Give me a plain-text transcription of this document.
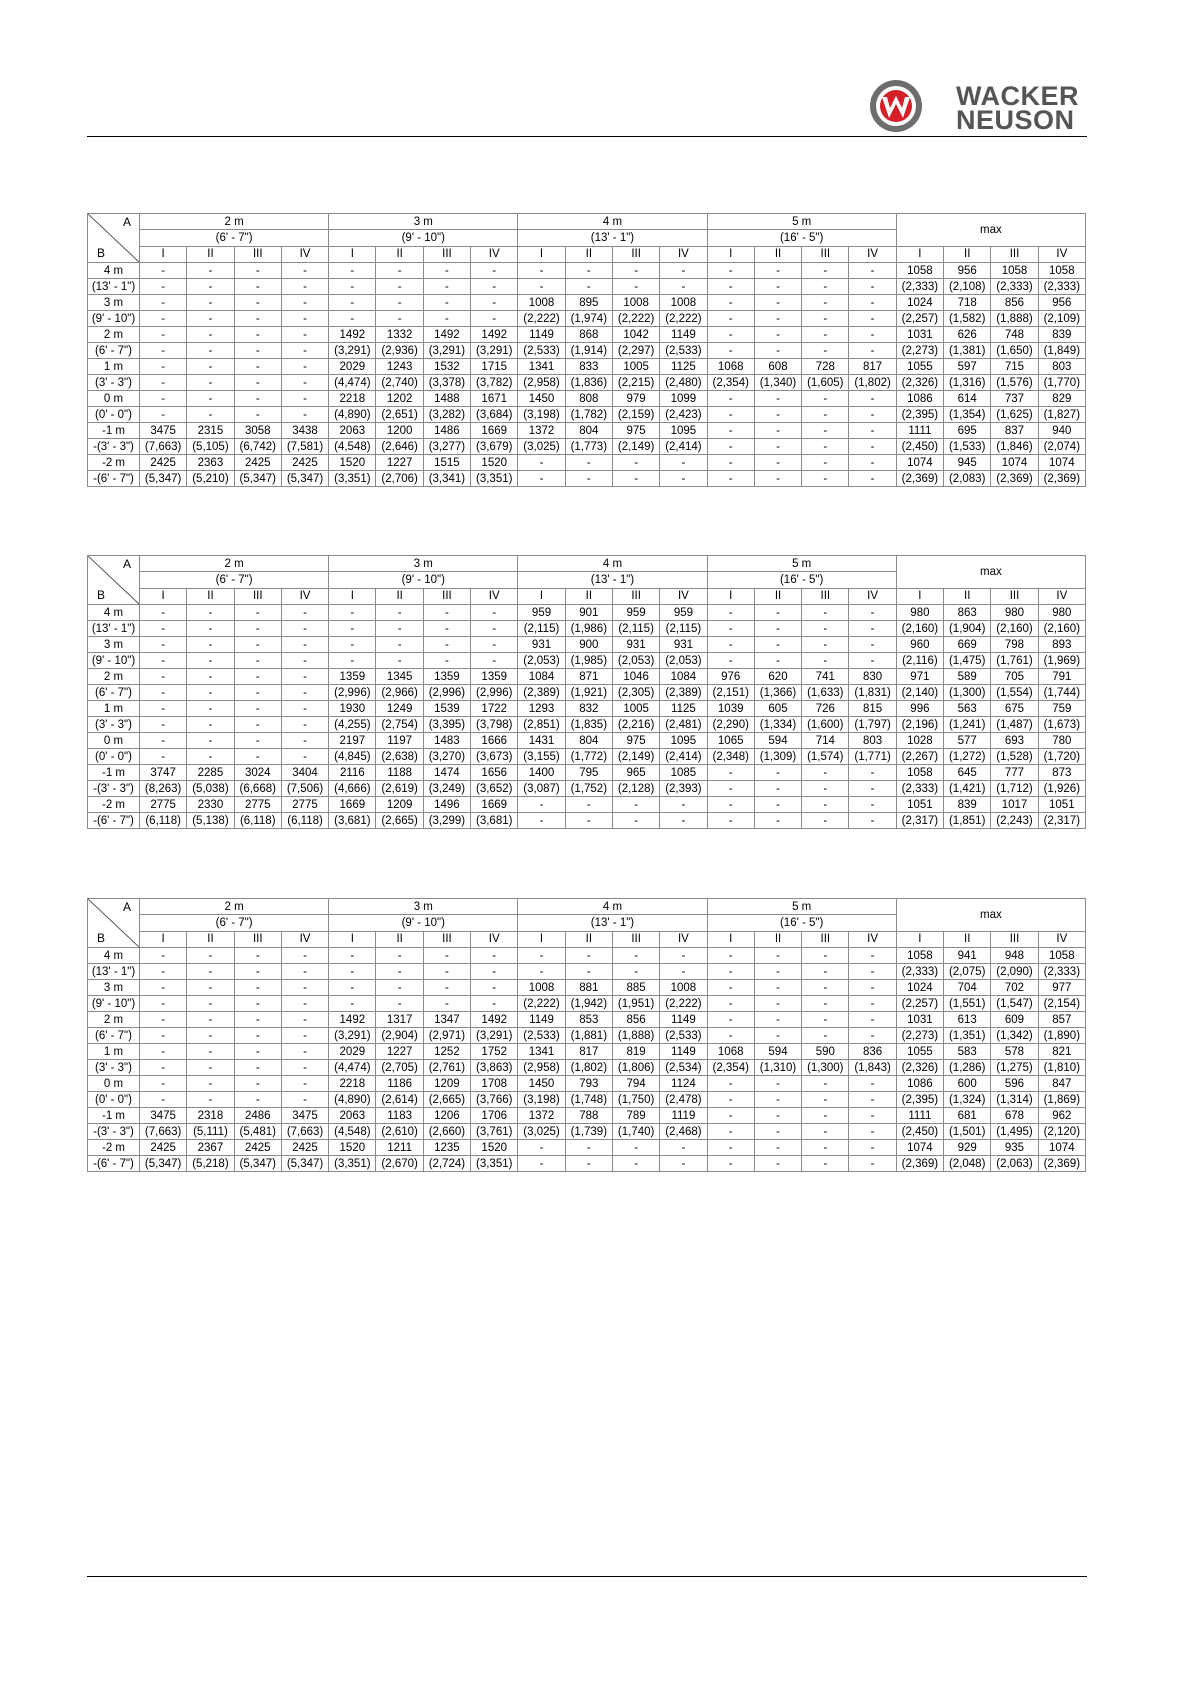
WACKER
NEUSON
A
B	2 m				3 m				4 m				5 m				max			
	(6' - 7")				(9' - 10")				(13' - 1")				(16' - 5")							
	I	II	III	IV	I	II	III	IV	I	II	III	IV	I	II	III	IV	I	II	III	IV
4 m	-	-	-	-	-	-	-	-	-	-	-	-	-	-	-	-	1058	956	1058	1058
(13' - 1")	-	-	-	-	-	-	-	-	-	-	-	-	-	-	-	-	(2,333)	(2,108)	(2,333)	(2,333)
3 m	-	-	-	-	-	-	-	-	1008	895	1008	1008	-	-	-	-	1024	718	856	956
(9' - 10")	-	-	-	-	-	-	-	-	(2,222)	(1,974)	(2,222)	(2,222)	-	-	-	-	(2,257)	(1,582)	(1,888)	(2,109)
2 m	-	-	-	-	1492	1332	1492	1492	1149	868	1042	1149	-	-	-	-	1031	626	748	839
(6' - 7")	-	-	-	-	(3,291)	(2,936)	(3,291)	(3,291)	(2,533)	(1,914)	(2,297)	(2,533)	-	-	-	-	(2,273)	(1,381)	(1,650)	(1,849)
1 m	-	-	-	-	2029	1243	1532	1715	1341	833	1005	1125	1068	608	728	817	1055	597	715	803
(3' - 3")	-	-	-	-	(4,474)	(2,740)	(3,378)	(3,782)	(2,958)	(1,836)	(2,215)	(2,480)	(2,354)	(1,340)	(1,605)	(1,802)	(2,326)	(1,316)	(1,576)	(1,770)
0 m	-	-	-	-	2218	1202	1488	1671	1450	808	979	1099	-	-	-	-	1086	614	737	829
(0' - 0")	-	-	-	-	(4,890)	(2,651)	(3,282)	(3,684)	(3,198)	(1,782)	(2,159)	(2,423)	-	-	-	-	(2,395)	(1,354)	(1,625)	(1,827)
-1 m	3475	2315	3058	3438	2063	1200	1486	1669	1372	804	975	1095	-	-	-	-	1111	695	837	940
-(3' - 3")	(7,663)	(5,105)	(6,742)	(7,581)	(4,548)	(2,646)	(3,277)	(3,679)	(3,025)	(1,773)	(2,149)	(2,414)	-	-	-	-	(2,450)	(1,533)	(1,846)	(2,074)
-2 m	2425	2363	2425	2425	1520	1227	1515	1520	-	-	-	-	-	-	-	-	1074	945	1074	1074
-(6' - 7")	(5,347)	(5,210)	(5,347)	(5,347)	(3,351)	(2,706)	(3,341)	(3,351)	-	-	-	-	-	-	-	-	(2,369)	(2,083)	(2,369)	(2,369)
A
B	2 m				3 m				4 m				5 m				max			
	(6' - 7")				(9' - 10")				(13' - 1")				(16' - 5")							
	I	II	III	IV	I	II	III	IV	I	II	III	IV	I	II	III	IV	I	II	III	IV
4 m	-	-	-	-	-	-	-	-	959	901	959	959	-	-	-	-	980	863	980	980
(13' - 1")	-	-	-	-	-	-	-	-	(2,115)	(1,986)	(2,115)	(2,115)	-	-	-	-	(2,160)	(1,904)	(2,160)	(2,160)
3 m	-	-	-	-	-	-	-	-	931	900	931	931	-	-	-	-	960	669	798	893
(9' - 10")	-	-	-	-	-	-	-	-	(2,053)	(1,985)	(2,053)	(2,053)	-	-	-	-	(2,116)	(1,475)	(1,761)	(1,969)
2 m	-	-	-	-	1359	1345	1359	1359	1084	871	1046	1084	976	620	741	830	971	589	705	791
(6' - 7")	-	-	-	-	(2,996)	(2,966)	(2,996)	(2,996)	(2,389)	(1,921)	(2,305)	(2,389)	(2,151)	(1,366)	(1,633)	(1,831)	(2,140)	(1,300)	(1,554)	(1,744)
1 m	-	-	-	-	1930	1249	1539	1722	1293	832	1005	1125	1039	605	726	815	996	563	675	759
(3' - 3")	-	-	-	-	(4,255)	(2,754)	(3,395)	(3,798)	(2,851)	(1,835)	(2,216)	(2,481)	(2,290)	(1,334)	(1,600)	(1,797)	(2,196)	(1,241)	(1,487)	(1,673)
0 m	-	-	-	-	2197	1197	1483	1666	1431	804	975	1095	1065	594	714	803	1028	577	693	780
(0' - 0")	-	-	-	-	(4,845)	(2,638)	(3,270)	(3,673)	(3,155)	(1,772)	(2,149)	(2,414)	(2,348)	(1,309)	(1,574)	(1,771)	(2,267)	(1,272)	(1,528)	(1,720)
-1 m	3747	2285	3024	3404	2116	1188	1474	1656	1400	795	965	1085	-	-	-	-	1058	645	777	873
-(3' - 3")	(8,263)	(5,038)	(6,668)	(7,506)	(4,666)	(2,619)	(3,249)	(3,652)	(3,087)	(1,752)	(2,128)	(2,393)	-	-	-	-	(2,333)	(1,421)	(1,712)	(1,926)
-2 m	2775	2330	2775	2775	1669	1209	1496	1669	-	-	-	-	-	-	-	-	1051	839	1017	1051
-(6' - 7")	(6,118)	(5,138)	(6,118)	(6,118)	(3,681)	(2,665)	(3,299)	(3,681)	-	-	-	-	-	-	-	-	(2,317)	(1,851)	(2,243)	(2,317)
A
B	2 m				3 m				4 m				5 m				max			
	(6' - 7")				(9' - 10")				(13' - 1")				(16' - 5")							
	I	II	III	IV	I	II	III	IV	I	II	III	IV	I	II	III	IV	I	II	III	IV
4 m	-	-	-	-	-	-	-	-	-	-	-	-	-	-	-	-	1058	941	948	1058
(13' - 1")	-	-	-	-	-	-	-	-	-	-	-	-	-	-	-	-	(2,333)	(2,075)	(2,090)	(2,333)
3 m	-	-	-	-	-	-	-	-	1008	881	885	1008	-	-	-	-	1024	704	702	977
(9' - 10")	-	-	-	-	-	-	-	-	(2,222)	(1,942)	(1,951)	(2,222)	-	-	-	-	(2,257)	(1,551)	(1,547)	(2,154)
2 m	-	-	-	-	1492	1317	1347	1492	1149	853	856	1149	-	-	-	-	1031	613	609	857
(6' - 7")	-	-	-	-	(3,291)	(2,904)	(2,971)	(3,291)	(2,533)	(1,881)	(1,888)	(2,533)	-	-	-	-	(2,273)	(1,351)	(1,342)	(1,890)
1 m	-	-	-	-	2029	1227	1252	1752	1341	817	819	1149	1068	594	590	836	1055	583	578	821
(3' - 3")	-	-	-	-	(4,474)	(2,705)	(2,761)	(3,863)	(2,958)	(1,802)	(1,806)	(2,534)	(2,354)	(1,310)	(1,300)	(1,843)	(2,326)	(1,286)	(1,275)	(1,810)
0 m	-	-	-	-	2218	1186	1209	1708	1450	793	794	1124	-	-	-	-	1086	600	596	847
(0' - 0")	-	-	-	-	(4,890)	(2,614)	(2,665)	(3,766)	(3,198)	(1,748)	(1,750)	(2,478)	-	-	-	-	(2,395)	(1,324)	(1,314)	(1,869)
-1 m	3475	2318	2486	3475	2063	1183	1206	1706	1372	788	789	1119	-	-	-	-	1111	681	678	962
-(3' - 3")	(7,663)	(5,111)	(5,481)	(7,663)	(4,548)	(2,610)	(2,660)	(3,761)	(3,025)	(1,739)	(1,740)	(2,468)	-	-	-	-	(2,450)	(1,501)	(1,495)	(2,120)
-2 m	2425	2367	2425	2425	1520	1211	1235	1520	-	-	-	-	-	-	-	-	1074	929	935	1074
-(6' - 7")	(5,347)	(5,218)	(5,347)	(5,347)	(3,351)	(2,670)	(2,724)	(3,351)	-	-	-	-	-	-	-	-	(2,369)	(2,048)	(2,063)	(2,369)
